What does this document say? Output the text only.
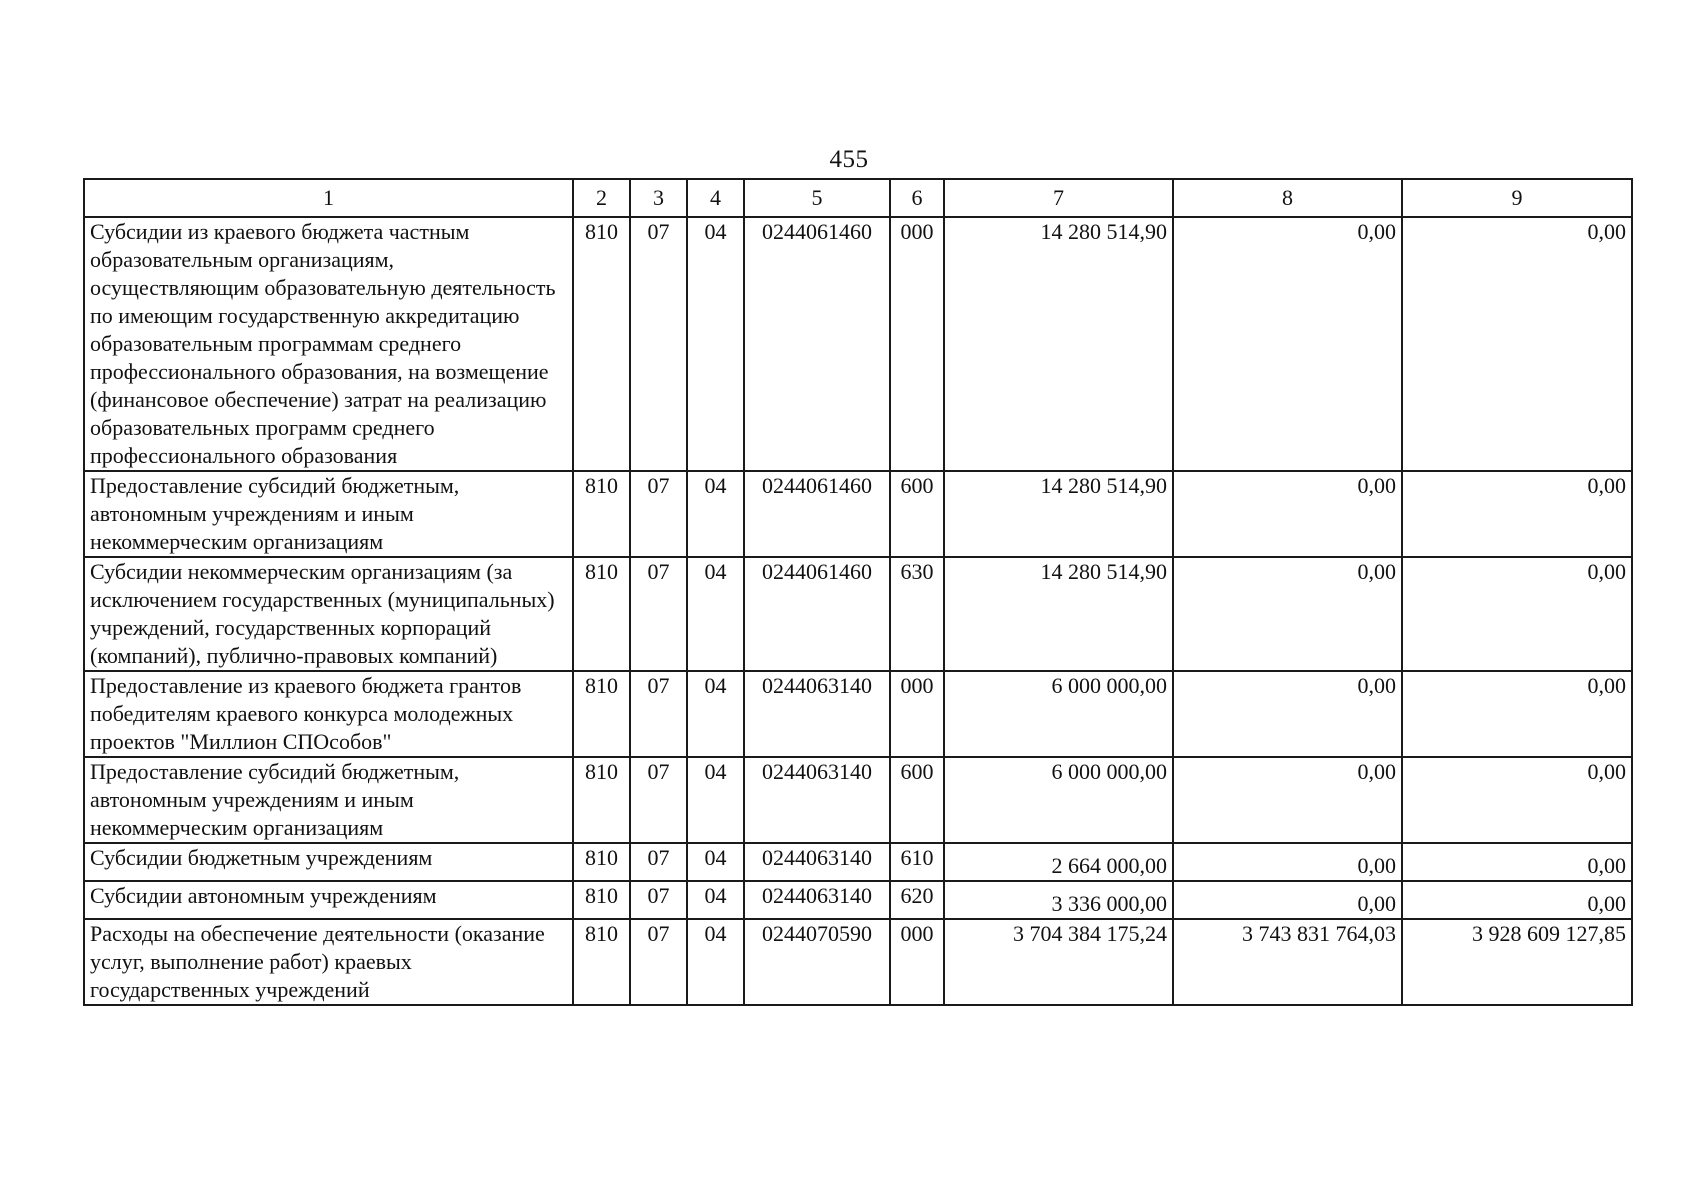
455
1	2	3	4	5	6	7	8	9
Субсидии из краевого бюджета частным образовательным организациям, осуществляющим образовательную деятельность по имеющим государственную аккредитацию образовательным программам среднего профессионального образования, на возмещение (финансовое обеспечение) затрат на реализацию образовательных программ среднего профессионального образования	810	07	04	0244061460	000	14 280 514,90	0,00	0,00
Предоставление субсидий бюджетным, автономным учреждениям и иным некоммерческим организациям	810	07	04	0244061460	600	14 280 514,90	0,00	0,00
Субсидии некоммерческим организациям (за исключением государственных (муниципальных) учреждений, государственных корпораций (компаний), публично-правовых компаний)	810	07	04	0244061460	630	14 280 514,90	0,00	0,00
Предоставление из краевого бюджета грантов победителям краевого конкурса молодежных проектов "Миллион СПОсобов"	810	07	04	0244063140	000	6 000 000,00	0,00	0,00
Предоставление субсидий бюджетным, автономным учреждениям и иным некоммерческим организациям	810	07	04	0244063140	600	6 000 000,00	0,00	0,00
Субсидии бюджетным учреждениям	810	07	04	0244063140	610	2 664 000,00	0,00	0,00
Субсидии автономным учреждениям	810	07	04	0244063140	620	3 336 000,00	0,00	0,00
Расходы на обеспечение деятельности (оказание услуг, выполнение работ) краевых государственных учреждений	810	07	04	0244070590	000	3 704 384 175,24	3 743 831 764,03	3 928 609 127,85
